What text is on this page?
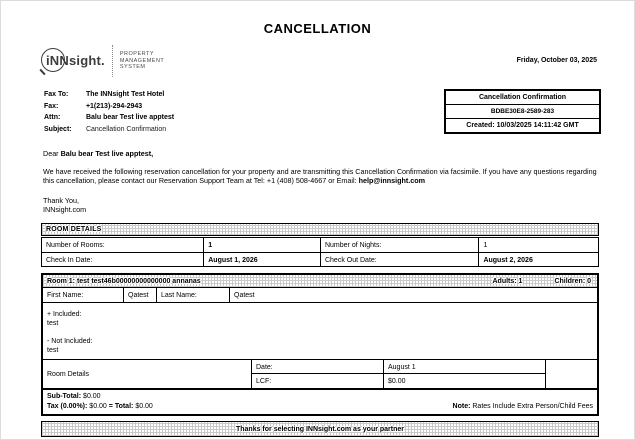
CANCELLATION
iNNsight.	PROPERTY
MANAGEMENT
SYSTEM
Friday, October 03, 2025
Fax To:	The INNsight Test Hotel
Fax:	+1(213)-294-2943
Attn:	Balu bear Test live apptest
Subject: Cancellation Confirmation
Cancellation Confirmation
BDBE30E8-2589-283
Created: 10/03/2025 14:11:42 GMT
Dear Balu bear Test live apptest,
We have received the following reservation cancellation for your property and are transmitting this Cancellation Confirmation via facsimile. If you have any questions regarding this cancellation, please contact our Reservation Support Team at Tel: +1 (408) 508-4667 or Email: help@innsight.com
Thank You,
INNsight.com
ROOM DETAILS
Number of Rooms:	1	Number of Nights:	1
Check In Date:	August 1, 2026	Check Out Date:	August 2, 2026
Room 1: test test46b00000000000000 annanas	Adults: 1	Children: 0
First Name:	Qatest	Last Name:	Qatest
+ Included:
test
- Not Included:
test
Room Details
Date:	August 1
LCF:	$0.00
Sub-Total: $0.00
Tax (0.00%): $0.00 = Total: $0.00	Note: Rates Include Extra Person/Child Fees
Thanks for selecting INNsight.com as your partner
